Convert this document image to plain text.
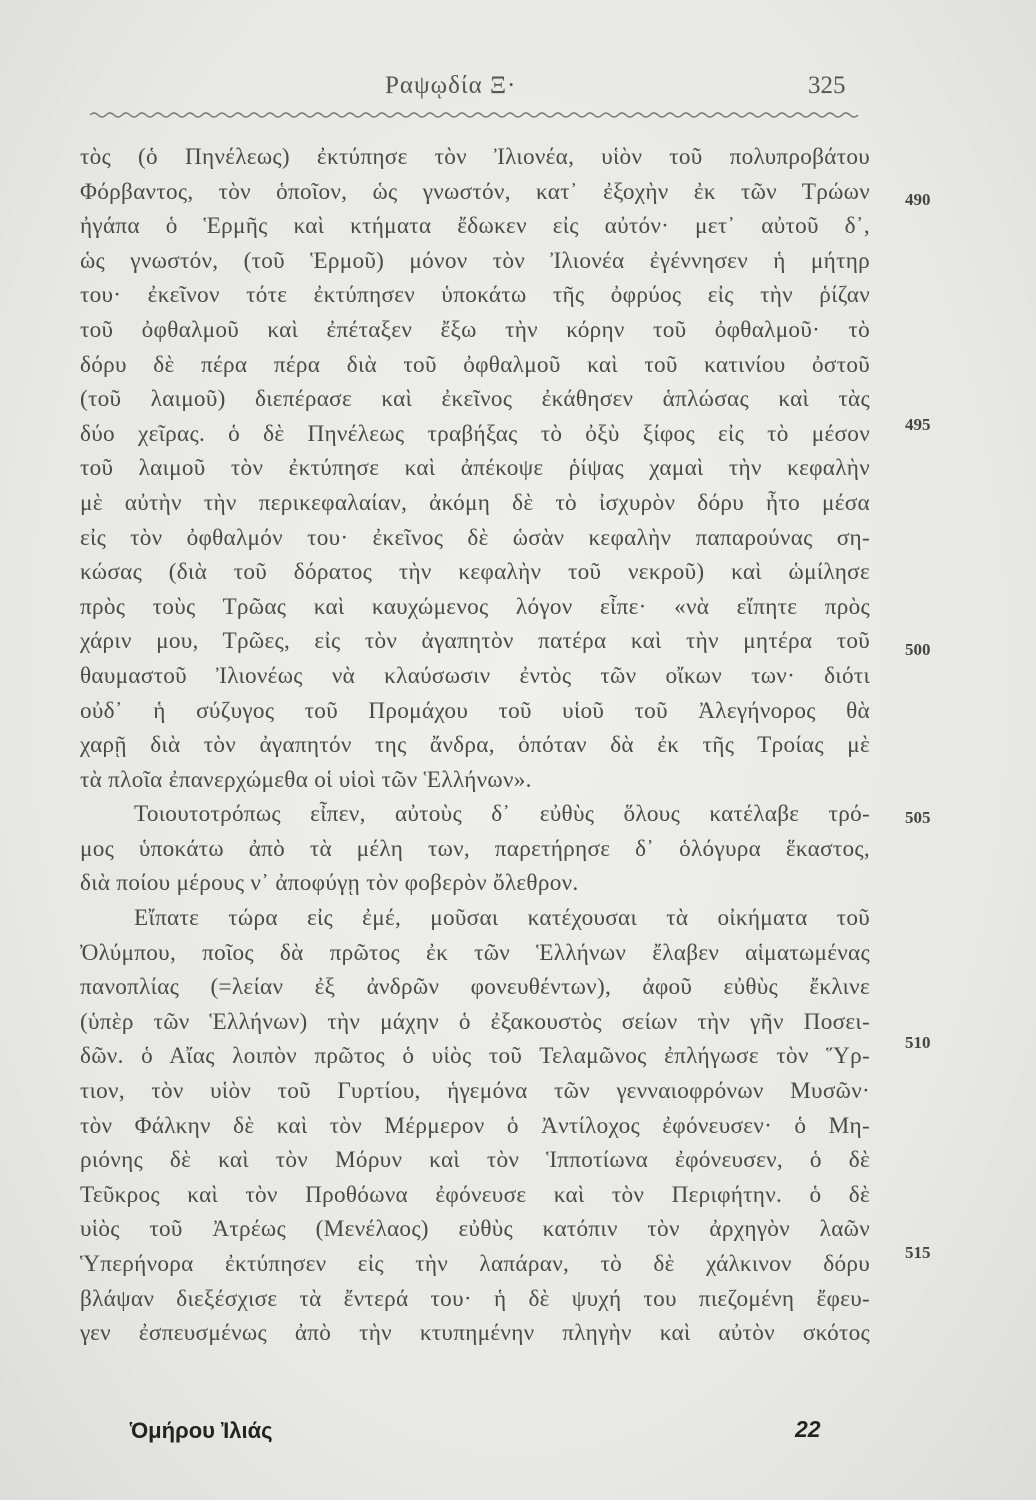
Ραψῳδία Ξ·	325
τὸς (ὁ Πηνέλεως) ἐκτύπησε τὸν Ἰλιονέα, υἱὸν τοῦ πολυπροβάτου
Φόρβαντος, τὸν ὁποῖον, ὡς γνωστόν, κατ᾽ ἐξοχὴν ἐκ τῶν Τρώων
ἠγάπα ὁ Ἑρμῆς καὶ κτήματα ἔδωκεν εἰς αὐτόν· μετ᾽ αὐτοῦ δ᾽,
ὡς γνωστόν, (τοῦ Ἑρμοῦ) μόνον τὸν Ἰλιονέα ἐγέννησεν ἡ μήτηρ
του· ἐκεῖνον τότε ἐκτύπησεν ὑποκάτω τῆς ὀφρύος εἰς τὴν ῥίζαν
τοῦ ὀφθαλμοῦ καὶ ἐπέταξεν ἔξω τὴν κόρην τοῦ ὀφθαλμοῦ· τὸ
δόρυ δὲ πέρα πέρα διὰ τοῦ ὀφθαλμοῦ καὶ τοῦ κατινίου ὀστοῦ
(τοῦ λαιμοῦ) διεπέρασε καὶ ἐκεῖνος ἐκάθησεν ἁπλώσας καὶ τὰς
δύο χεῖρας. ὁ δὲ Πηνέλεως τραβήξας τὸ ὀξὺ ξίφος εἰς τὸ μέσον
τοῦ λαιμοῦ τὸν ἐκτύπησε καὶ ἀπέκοψε ῥίψας χαμαὶ τὴν κεφαλὴν
μὲ αὐτὴν τὴν περικεφαλαίαν, ἀκόμη δὲ τὸ ἰσχυρὸν δόρυ ἦτο μέσα
εἰς τὸν ὀφθαλμόν του· ἐκεῖνος δὲ ὡσὰν κεφαλὴν παπαρούνας ση-
κώσας (διὰ τοῦ δόρατος τὴν κεφαλὴν τοῦ νεκροῦ) καὶ ὡμίλησε
πρὸς τοὺς Τρῶας καὶ καυχώμενος λόγον εἶπε· «νὰ εἴπητε πρὸς
χάριν μου, Τρῶες, εἰς τὸν ἀγαπητὸν πατέρα καὶ τὴν μητέρα τοῦ
θαυμαστοῦ Ἰλιονέως νὰ κλαύσωσιν ἐντὸς τῶν οἴκων των· διότι
οὐδ᾽ ἡ σύζυγος τοῦ Προμάχου τοῦ υἱοῦ τοῦ Ἀλεγήνορος θὰ
χαρῇ διὰ τὸν ἀγαπητόν της ἄνδρα, ὁπόταν δὰ ἐκ τῆς Τροίας μὲ
τὰ πλοῖα ἐπανερχώμεθα οἱ υἱοὶ τῶν Ἑλλήνων».
Τοιουτοτρόπως εἶπεν, αὐτοὺς δ᾽ εὐθὺς ὅλους κατέλαβε τρό-
μος ὑποκάτω ἀπὸ τὰ μέλη των, παρετήρησε δ᾽ ὁλόγυρα ἕκαστος,
διὰ ποίου μέρους ν᾽ ἀποφύγῃ τὸν φοβερὸν ὄλεθρον.
Εἴπατε τώρα εἰς ἐμέ, μοῦσαι κατέχουσαι τὰ οἰκήματα τοῦ
Ὀλύμπου, ποῖος δὰ πρῶτος ἐκ τῶν Ἑλλήνων ἔλαβεν αἱματωμένας
πανοπλίας (=λείαν ἐξ ἀνδρῶν φονευθέντων), ἀφοῦ εὐθὺς ἔκλινε
(ὑπὲρ τῶν Ἑλλήνων) τὴν μάχην ὁ ἐξακουστὸς σείων τὴν γῆν Ποσει-
δῶν. ὁ Αἴας λοιπὸν πρῶτος ὁ υἱὸς τοῦ Τελαμῶνος ἐπλήγωσε τὸν Ὕρ-
τιον, τὸν υἱὸν τοῦ Γυρτίου, ἡγεμόνα τῶν γενναιοφρόνων Μυσῶν·
τὸν Φάλκην δὲ καὶ τὸν Μέρμερον ὁ Ἀντίλοχος ἐφόνευσεν· ὁ Μη-
ριόνης δὲ καὶ τὸν Μόρυν καὶ τὸν Ἱπποτίωνα ἐφόνευσεν, ὁ δὲ
Τεῦκρος καὶ τὸν Προθόωνα ἐφόνευσε καὶ τὸν Περιφήτην. ὁ δὲ
υἱὸς τοῦ Ἀτρέως (Μενέλαος) εὐθὺς κατόπιν τὸν ἀρχηγὸν λαῶν
Ὑπερήνορα ἐκτύπησεν εἰς τὴν λαπάραν, τὸ δὲ χάλκινον δόρυ
βλάψαν διεξέσχισε τὰ ἔντερά του· ἡ δὲ ψυχή του πιεζομένη ἔφευ-
γεν ἐσπευσμένως ἀπὸ τὴν κτυπημένην πληγὴν καὶ αὐτὸν σκότος
490
495
500
505
510
515
Ὁμήρου Ἰλιάς	22
